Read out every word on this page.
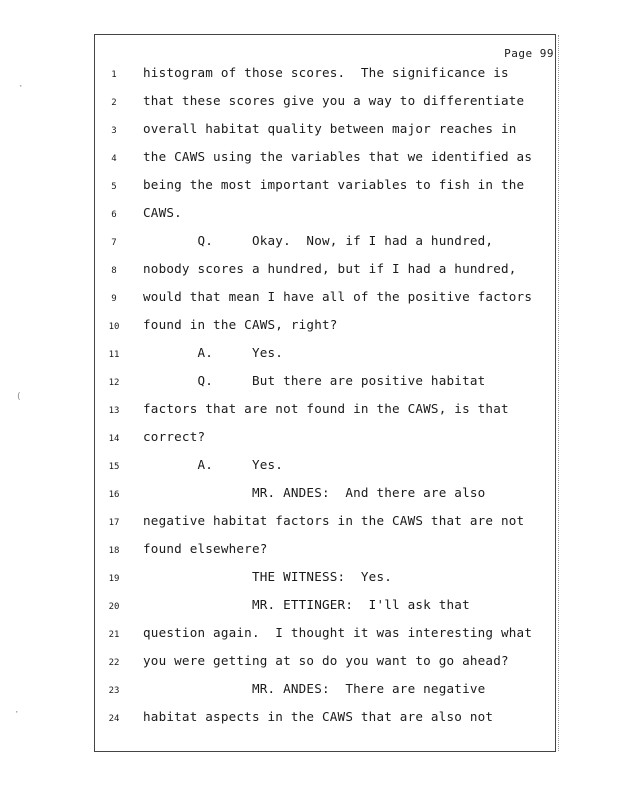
Page 99
1	histogram of those scores.  The significance is
2	that these scores give you a way to differentiate
3	overall habitat quality between major reaches in
4	the CAWS using the variables that we identified as
5	being the most important variables to fish in the
6	CAWS.
7	Q.     Okay.  Now, if I had a hundred,
8	nobody scores a hundred, but if I had a hundred,
9	would that mean I have all of the positive factors
10	found in the CAWS, right?
11	A.     Yes.
12	Q.     But there are positive habitat
13	factors that are not found in the CAWS, is that
14	correct?
15	A.     Yes.
16	MR. ANDES:  And there are also
17	negative habitat factors in the CAWS that are not
18	found elsewhere?
19	THE WITNESS:  Yes.
20	MR. ETTINGER:  I'll ask that
21	question again.  I thought it was interesting what
22	you were getting at so do you want to go ahead?
23	MR. ANDES:  There are negative
24	habitat aspects in the CAWS that are also not
·
(
·
